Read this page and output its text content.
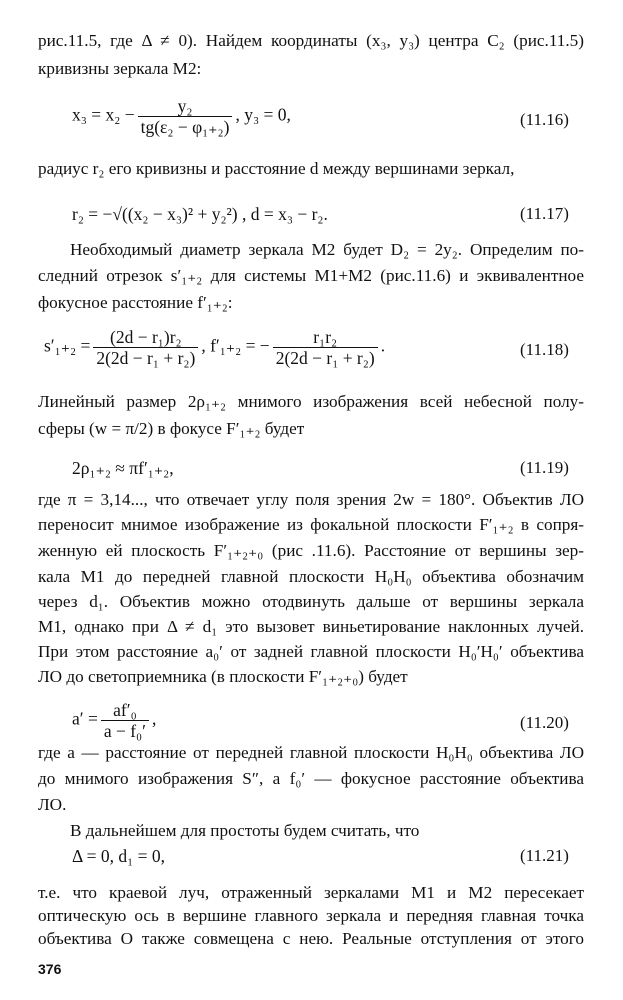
рис.11.5, где Δ ≠ 0). Найдем координаты (x₃, y₃) центра C₂ (рис.11.5)
кривизны зеркала М2:
$x_3 = x_2 - \frac{\text{y₂}}{\text{tg(ε₂ − φ₁₊₂)}}$ , y₃ = 0,	(11.16)
радиус r₂ его кривизны и расстояние d между вершинами зеркал,
r₂ = −√((x₂ − x₃)² + y₂²) , d = x₃ − r₂.	(11.17)
Необходимый диаметр зеркала М2 будет D₂ = 2y₂. Определим по-
следний отрезок s′₁₊₂ для системы М1+М2 (рис.11.6) и эквивалентное
фокусное расстояние f′₁₊₂:
$s'_{1+2} = \frac{\text{(2d − r₁)r₂}}{\text{2(2d − r₁ + r₂)}}$ , f′₁₊₂ = − $\frac{\text{r₁r₂}}{\text{2(2d − r₁ + r₂)}}$ .	(11.18)
Линейный размер 2ρ₁₊₂ мнимого изображения всей небесной полу-
сферы (w = π/2) в фокусе F′₁₊₂ будет
2ρ₁₊₂ ≈ πf′₁₊₂,	(11.19)
где π = 3,14..., что отвечает углу поля зрения 2w = 180°. Объектив ЛО
переносит мнимое изображение из фокальной плоскости F′₁₊₂ в сопря-
женную ей плоскость F′₁₊₂₊₀ (рис .11.6). Расстояние от вершины зер-
кала М1 до передней главной плоскости H₀H₀ объектива обозначим
через d₁. Объектив можно отодвинуть дальше от вершины зеркала
М1, однако при Δ ≠ d₁ это вызовет виньетирование наклонных лучей.
При этом расстояние a₀′ от задней главной плоскости H₀′H₀′ объектива
ЛО до светоприемника (в плоскости F′₁₊₂₊₀) будет
$a' = \frac{\text{af′₀}}{\text{a − f₀′}}$ ,	(11.20)
где a — расстояние от передней главной плоскости H₀H₀ объектива ЛО
до мнимого изображения S″, а f₀′ — фокусное расстояние объектива
ЛО.
В дальнейшем для простоты будем считать, что
Δ = 0, d₁ = 0,	(11.21)
т.е. что краевой луч, отраженный зеркалами М1 и М2 пересекает
оптическую ось в вершине главного зеркала и передняя главная точка
объектива O также совмещена с нею. Реальные отступления от этого
376
